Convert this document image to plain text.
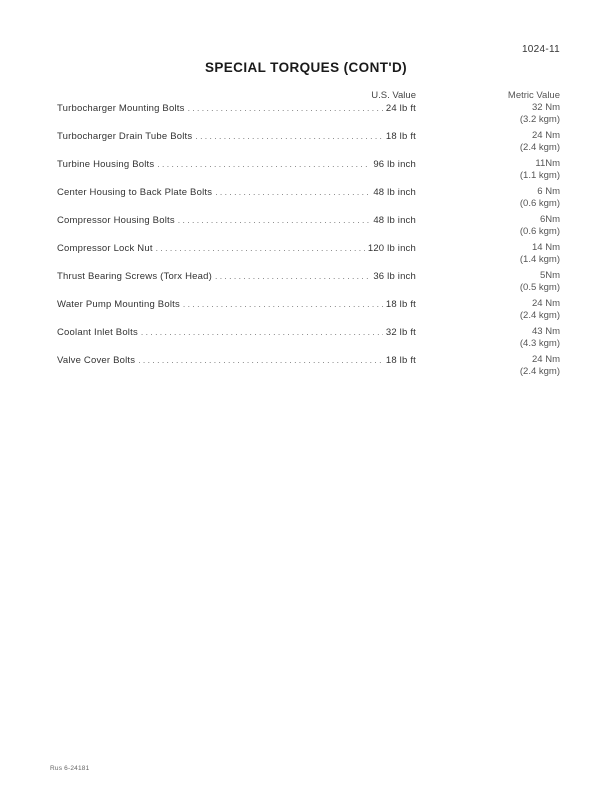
1024-11
SPECIAL TORQUES (CONT'D)
U.S. Value	Metric Value
Turbocharger Mounting Bolts . . .	24 lb ft	32 Nm
(3.2 kgm)
Turbocharger Drain Tube Bolts . . .	18 lb ft	24 Nm
(2.4 kgm)
Turbine Housing Bolts . . .	96 lb inch	11Nm
(1.1 kgm)
Center Housing to Back Plate Bolts . . .	48 lb inch	6 Nm
(0.6 kgm)
Compressor Housing Bolts . . .	48 lb inch	6Nm
(0.6 kgm)
Compressor Lock Nut . . .	120 lb inch	14 Nm
(1.4 kgm)
Thrust Bearing Screws (Torx Head) . . .	36 lb inch	5Nm
(0.5 kgm)
Water Pump Mounting Bolts . . .	18 lb ft	24 Nm
(2.4 kgm)
Coolant Inlet Bolts . . .	32 lb ft	43 Nm
(4.3 kgm)
Valve Cover Bolts . . .	18 lb ft	24 Nm
(2.4 kgm)
Rus 6-24181
